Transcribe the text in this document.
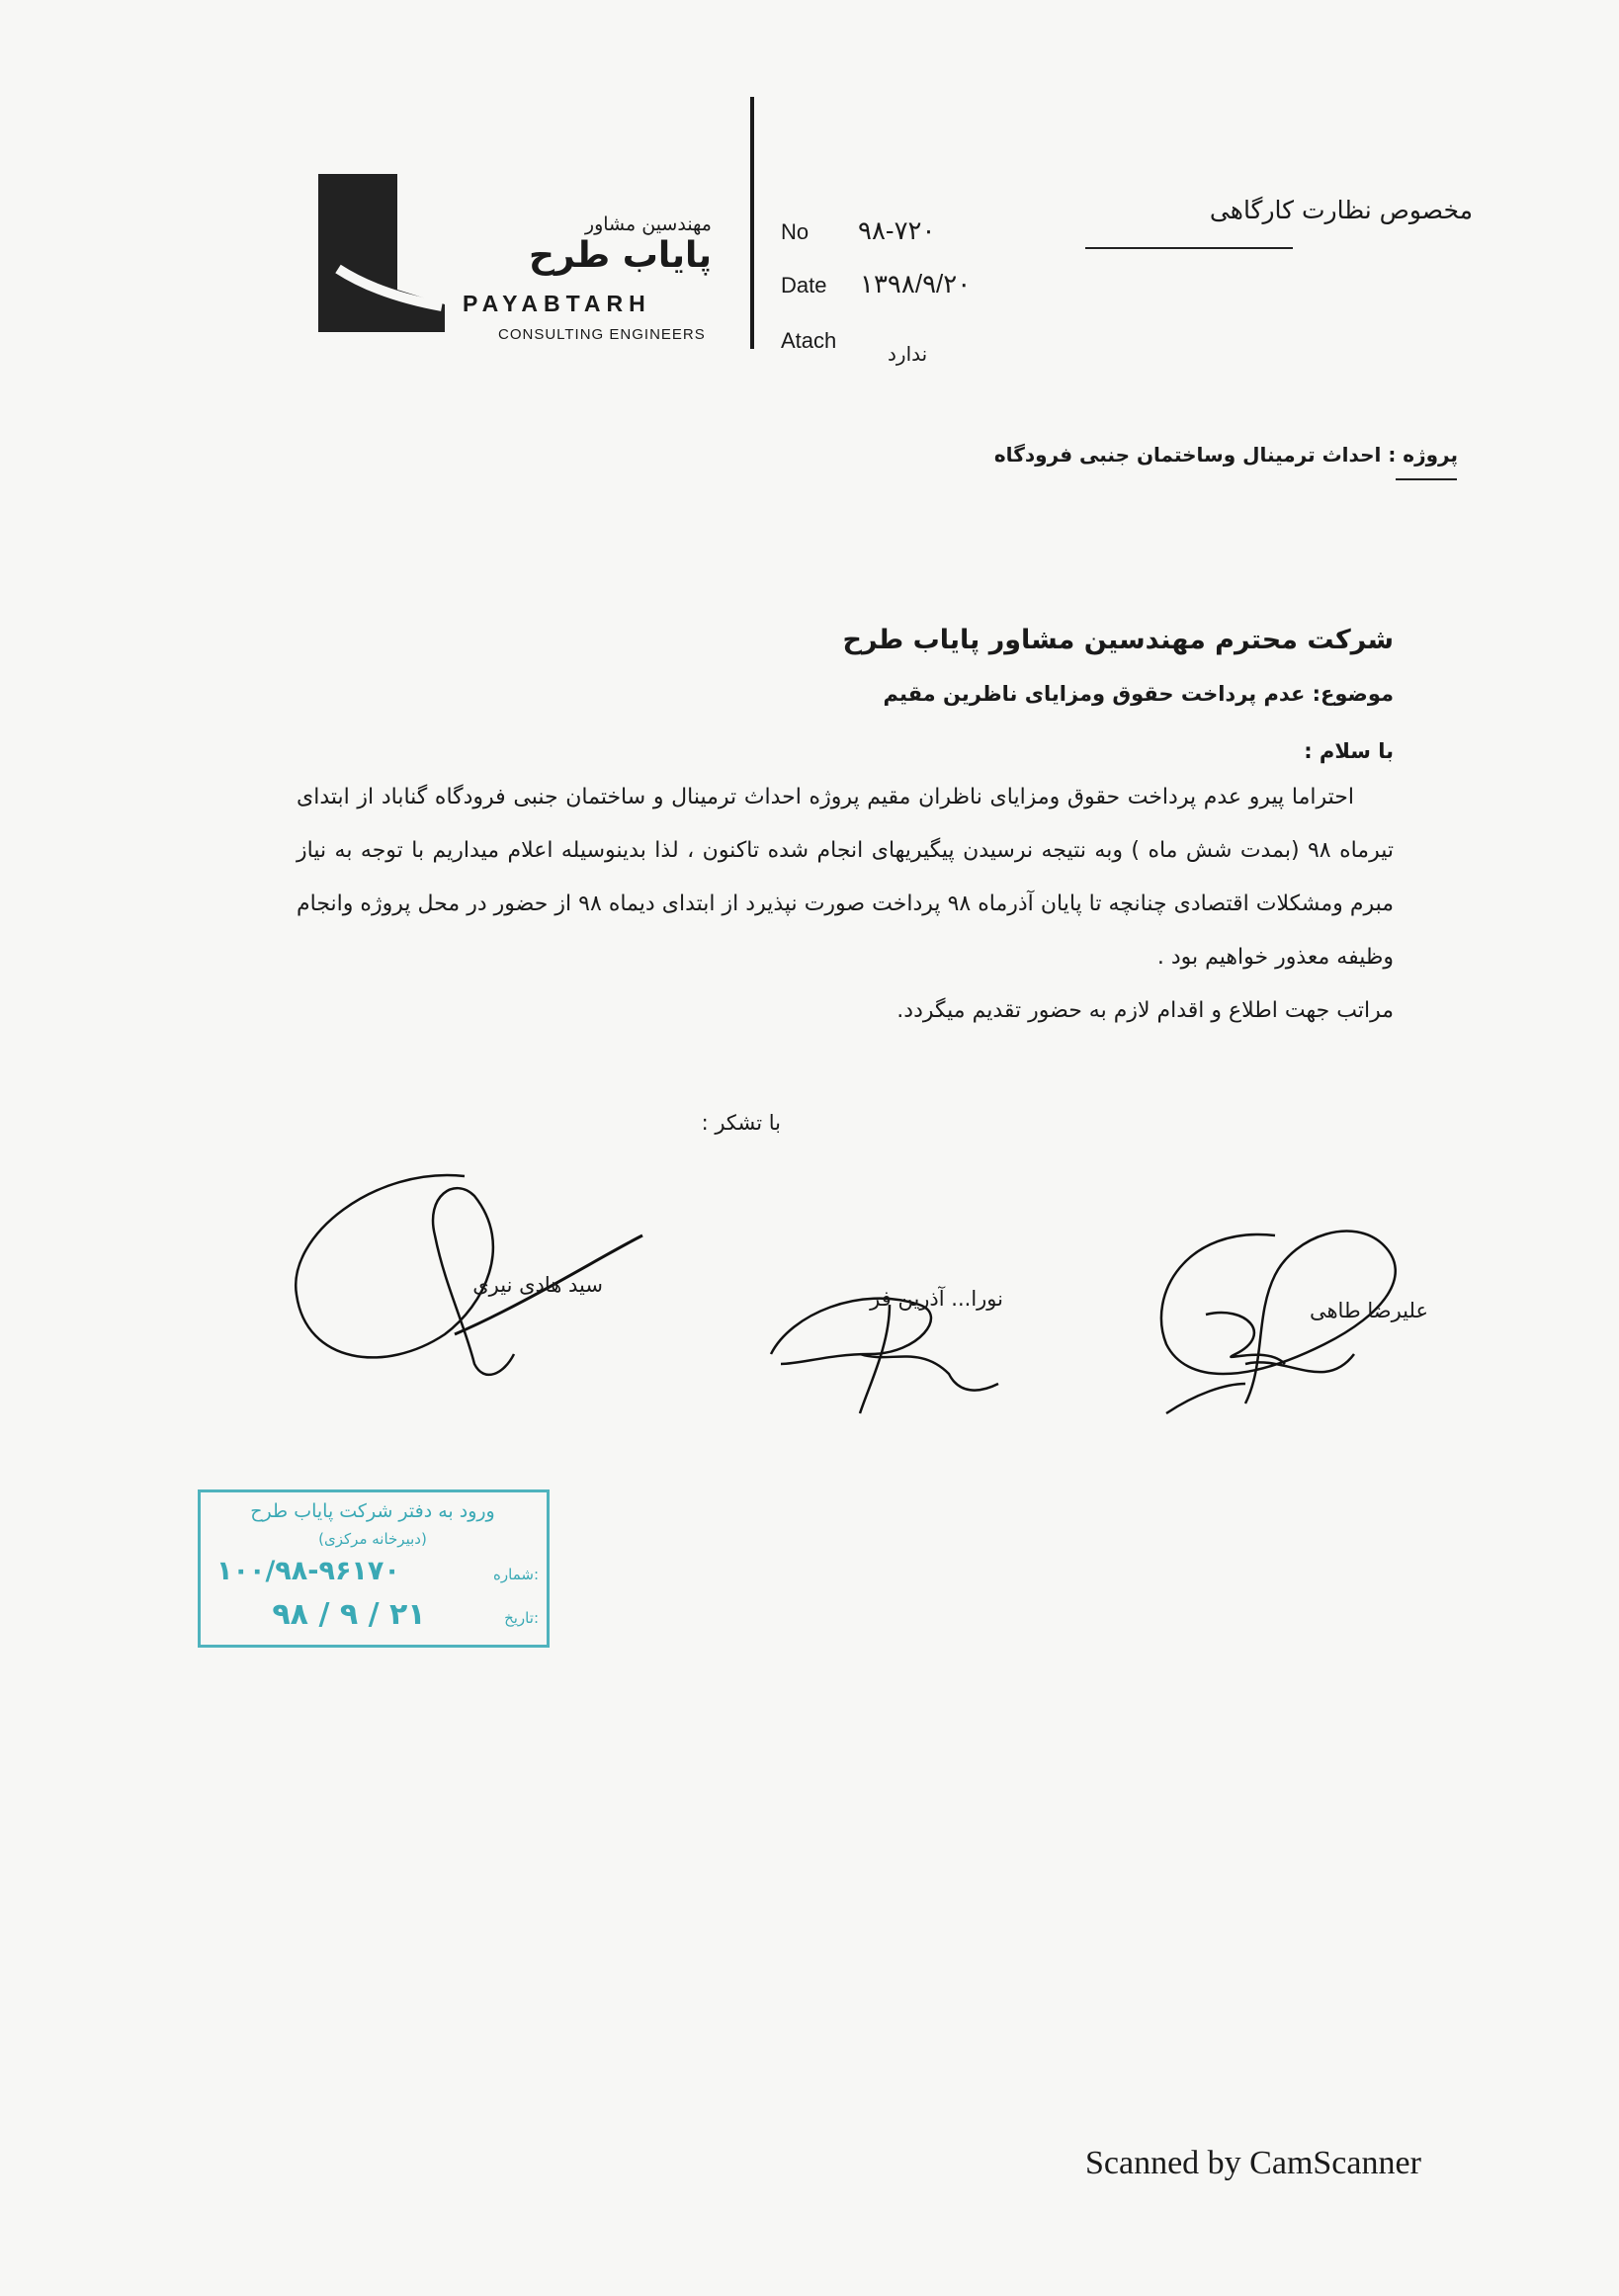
مهندسین مشاور
پایاب طرح
PAYABTARH
CONSULTING ENGINEERS
No ۹۸-۷۲۰
Date ۱۳۹۸/۹/۲۰
Atach
ندارد
مخصوص نظارت کارگاهی
پروژه : احداث ترمینال وساختمان جنبی فرودگاه
شرکت محترم مهندسین مشاور پایاب طرح
موضوع: عدم پرداخت حقوق ومزایای ناظرین مقیم
با سلام :

احتراما پیرو عدم پرداخت حقوق ومزایای ناظران مقیم پروژه احداث ترمینال و ساختمان جنبی فرودگاه گناباد از ابتدای تیرماه ۹۸ (بمدت شش ماه ) وبه نتیجه نرسیدن پیگیریهای انجام شده تاکنون ، لذا بدینوسیله اعلام میداریم با توجه به نیاز مبرم ومشکلات اقتصادی چنانچه تا پایان آذرماه ۹۸ پرداخت صورت نپذیرد از ابتدای دیماه ۹۸ از حضور در محل پروژه وانجام وظیفه معذور خواهیم بود .

مراتب جهت اطلاع و اقدام لازم به حضور تقدیم میگردد.

با تشکر :
علیرضا طاهی
نورا... آذرین فر
سید هادی نیری
ورود به دفتر شرکت پایاب طرح
(دبیرخانه مرکزی)
شماره:
۱۰۰/۹۸-۹۶۱۷۰
تاریخ:
۹۸ / ۹ / ۲۱
Scanned by CamScanner
